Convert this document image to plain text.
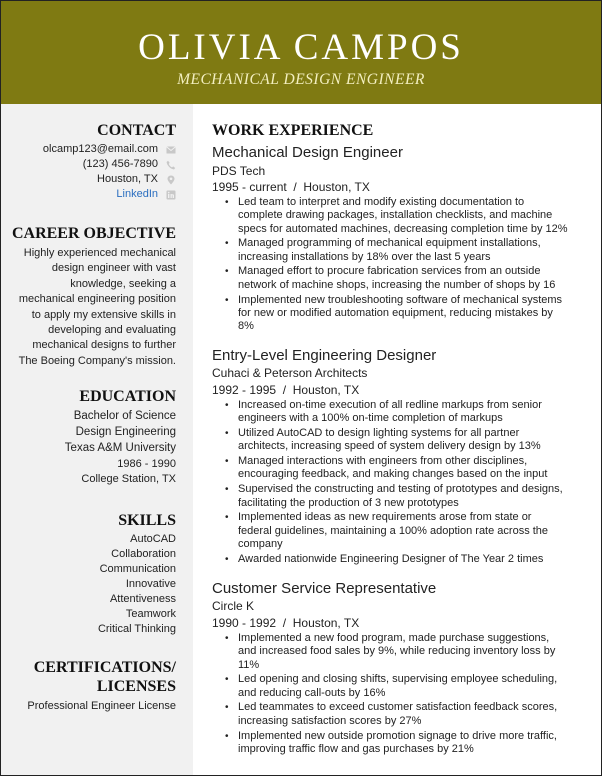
OLIVIA CAMPOS
MECHANICAL DESIGN ENGINEER
CONTACT
olcamp123@email.com
(123) 456-7890
Houston, TX
LinkedIn
CAREER OBJECTIVE
Highly experienced mechanical design engineer with vast knowledge, seeking a mechanical engineering position to apply my extensive skills in developing and evaluating mechanical designs to further The Boeing Company's mission.
EDUCATION
Bachelor of Science
Design Engineering
Texas A&M University
1986 - 1990
College Station, TX
SKILLS
AutoCAD
Collaboration
Communication
Innovative
Attentiveness
Teamwork
Critical Thinking
CERTIFICATIONS/
LICENSES
Professional Engineer License
WORK EXPERIENCE
Mechanical Design Engineer
PDS Tech
1995 - current  /  Houston, TX
• Led team to interpret and modify existing documentation to complete drawing packages, installation checklists, and machine specs for automated machines, decreasing completion time by 12%
• Managed programming of mechanical equipment installations, increasing installations by 18% over the last 5 years
• Managed effort to procure fabrication services from an outside network of machine shops, increasing the number of shops by 16
• Implemented new troubleshooting software of mechanical systems for new or modified automation equipment, reducing mistakes by 8%
Entry-Level Engineering Designer
Cuhaci & Peterson Architects
1992 - 1995  /  Houston, TX
• Increased on-time execution of all redline markups from senior engineers with a 100% on-time completion of markups
• Utilized AutoCAD to design lighting systems for all partner architects, increasing speed of system delivery design by 13%
• Managed interactions with engineers from other disciplines, encouraging feedback, and making changes based on the input
• Supervised the constructing and testing of prototypes and designs, facilitating the production of 3 new prototypes
• Implemented ideas as new requirements arose from state or federal guidelines, maintaining a 100% adoption rate across the company
• Awarded nationwide Engineering Designer of The Year 2 times
Customer Service Representative
Circle K
1990 - 1992  /  Houston, TX
• Implemented a new food program, made purchase suggestions, and increased food sales by 9%, while reducing inventory loss by 11%
• Led opening and closing shifts, supervising employee scheduling, and reducing call-outs by 16%
• Led teammates to exceed customer satisfaction feedback scores, increasing satisfaction scores by 27%
• Implemented new outside promotion signage to drive more traffic, improving traffic flow and gas purchases by 21%
